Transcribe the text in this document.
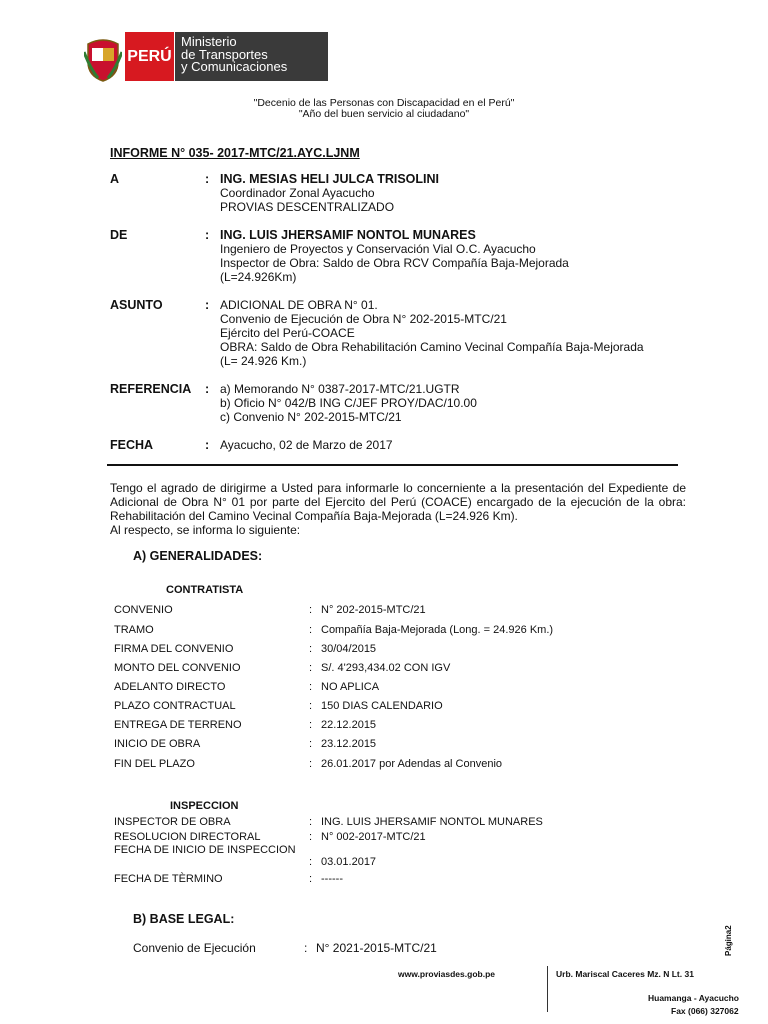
PERÚ
Ministerio
de Transportes
y Comunicaciones
"Decenio de las Personas con Discapacidad en el Perú"
"Año del buen servicio al ciudadano"
INFORME N° 035- 2017-MTC/21.AYC.LJNM
A	: ING. MESIAS HELI JULCA TRISOLINI
Coordinador Zonal Ayacucho
PROVIAS DESCENTRALIZADO
DE	: ING. LUIS JHERSAMIF NONTOL MUNARES
Ingeniero de Proyectos y Conservación Vial O.C. Ayacucho
Inspector de Obra: Saldo de Obra RCV Compañía Baja-Mejorada
(L=24.926Km)
ASUNTO	: ADICIONAL DE OBRA N° 01.
Convenio de Ejecución de Obra N° 202-2015-MTC/21
Ejército del Perú-COACE
OBRA: Saldo de Obra Rehabilitación Camino Vecinal Compañía Baja-Mejorada
(L= 24.926 Km.)
REFERENCIA : a) Memorando N° 0387-2017-MTC/21.UGTR
b) Oficio N° 042/B ING C/JEF PROY/DAC/10.00
c) Convenio N° 202-2015-MTC/21
FECHA	: Ayacucho, 02 de Marzo de 2017
Tengo el agrado de dirigirme a Usted para informarle lo concerniente a la presentación del Expediente de Adicional de Obra N° 01 por parte del Ejercito del Perú (COACE) encargado de la ejecución de la obra: Rehabilitación del Camino Vecinal Compañía Baja-Mejorada (L=24.926 Km).
Al respecto, se informa lo siguiente:
A) GENERALIDADES:
CONTRATISTA
CONVENIO	: N° 202-2015-MTC/21
TRAMO	: Compañía Baja-Mejorada (Long. = 24.926 Km.)
FIRMA DEL CONVENIO	: 30/04/2015
MONTO DEL CONVENIO	: S/. 4'293,434.02 CON IGV
ADELANTO DIRECTO	: NO APLICA
PLAZO CONTRACTUAL	: 150 DIAS CALENDARIO
ENTREGA DE TERRENO	: 22.12.2015
INICIO DE OBRA	: 23.12.2015
FIN DEL PLAZO	: 26.01.2017 por Adendas al Convenio
INSPECCION
INSPECTOR DE OBRA	: ING. LUIS JHERSAMIF NONTOL MUNARES
RESOLUCION DIRECTORAL	: N° 002-2017-MTC/21
FECHA DE INICIO DE INSPECCION
: 03.01.2017
FECHA DE TÈRMINO	: ------
B) BASE LEGAL:
Convenio de Ejecución	: N° 2021-2015-MTC/21
www.proviasdes.gob.pe	Urb. Mariscal Caceres Mz. N Lt. 31
Huamanga - Ayacucho
Fax (066) 327062
Página2
